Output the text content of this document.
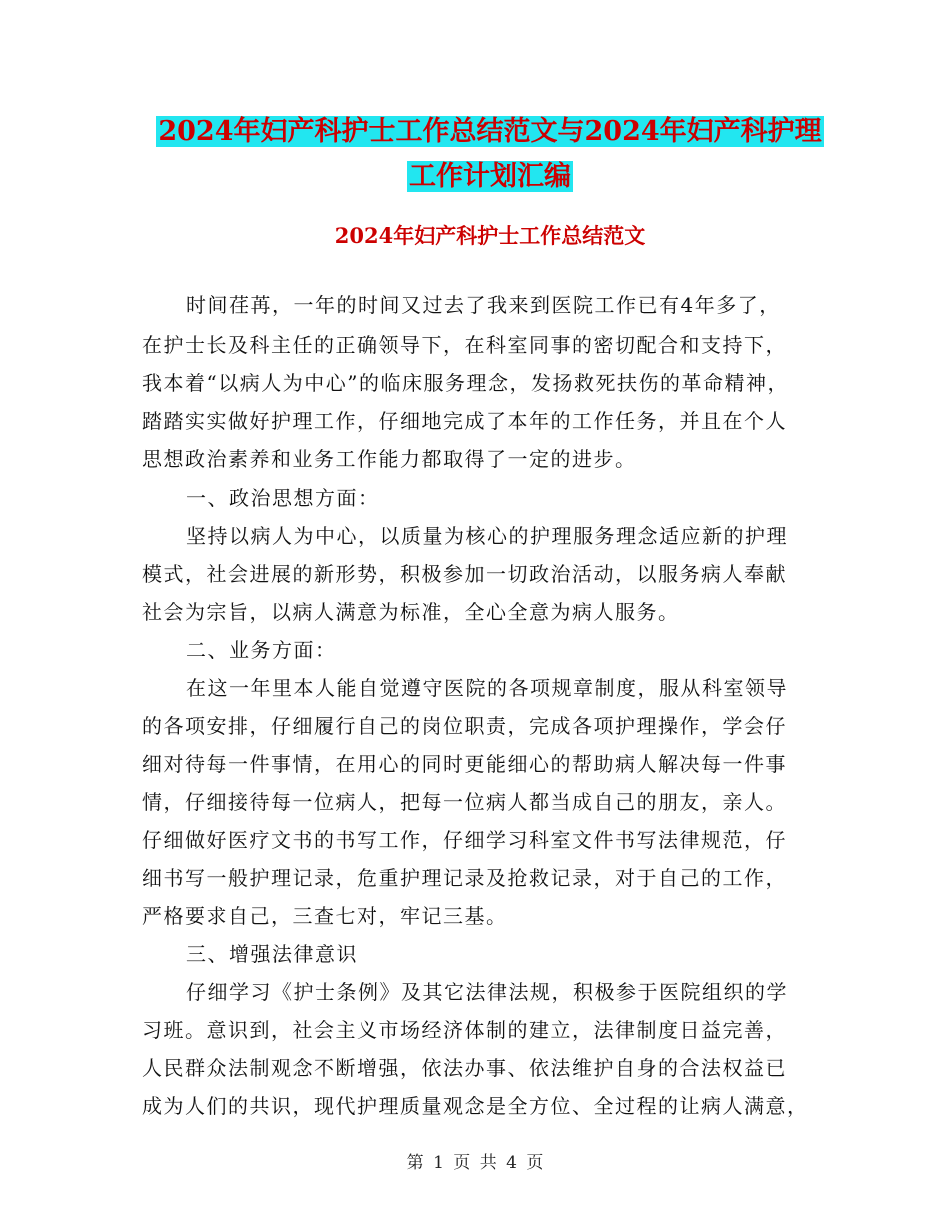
2024年妇产科护士工作总结范文与2024年妇产科护理
工作计划汇编
2024年妇产科护士工作总结范文
时间荏苒，一年的时间又过去了我来到医院工作已有4年多了，
在护士长及科主任的正确领导下，在科室同事的密切配合和支持下，
我本着“以病人为中心”的临床服务理念，发扬救死扶伤的革命精神，
踏踏实实做好护理工作，仔细地完成了本年的工作任务，并且在个人
思想政治素养和业务工作能力都取得了一定的进步。
一、政治思想方面：
坚持以病人为中心，以质量为核心的护理服务理念适应新的护理
模式，社会进展的新形势，积极参加一切政治活动，以服务病人奉献
社会为宗旨，以病人满意为标准，全心全意为病人服务。
二、业务方面：
在这一年里本人能自觉遵守医院的各项规章制度，服从科室领导
的各项安排，仔细履行自己的岗位职责，完成各项护理操作，学会仔
细对待每一件事情，在用心的同时更能细心的帮助病人解决每一件事
情，仔细接待每一位病人，把每一位病人都当成自己的朋友，亲人。
仔细做好医疗文书的书写工作，仔细学习科室文件书写法律规范，仔
细书写一般护理记录，危重护理记录及抢救记录，对于自己的工作，
严格要求自己，三查七对，牢记三基。
三、增强法律意识
仔细学习《护士条例》及其它法律法规，积极参于医院组织的学
习班。意识到，社会主义市场经济体制的建立，法律制度日益完善，
人民群众法制观念不断增强，依法办事、依法维护自身的合法权益已
成为人们的共识，现代护理质量观念是全方位、全过程的让病人满意，
第 1 页 共 4 页
